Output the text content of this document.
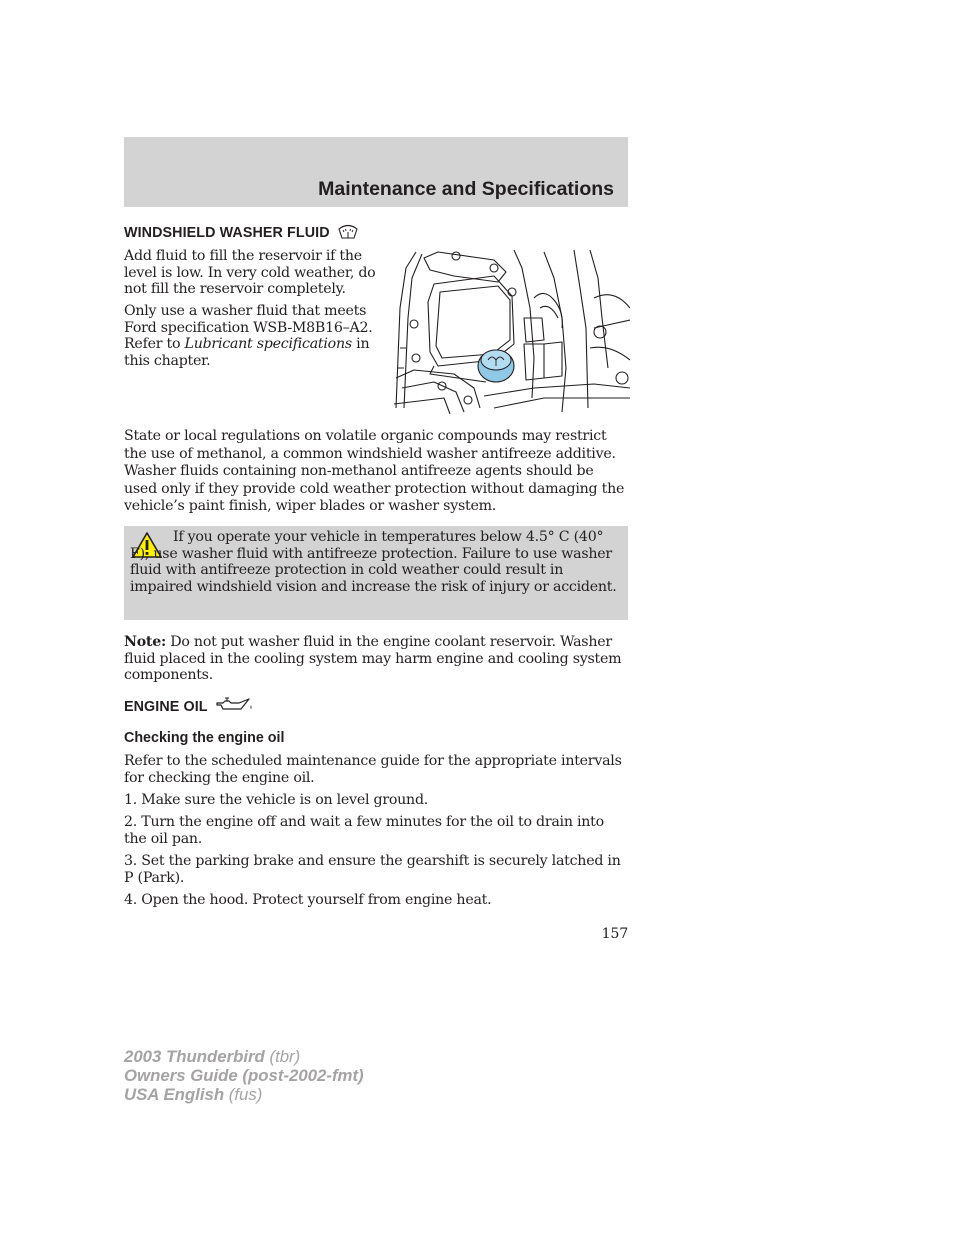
Maintenance and Specifications
WINDSHIELD WASHER FLUID

Add fluid to fill the reservoir if the level is low. In very cold weather, do not fill the reservoir completely.

Only use a washer fluid that meets Ford specification WSB-M8B16–A2. Refer to Lubricant specifications in this chapter.

State or local regulations on volatile organic compounds may restrict the use of methanol, a common windshield washer antifreeze additive. Washer fluids containing non-methanol antifreeze agents should be used only if they provide cold weather protection without damaging the vehicle’s paint finish, wiper blades or washer system.

If you operate your vehicle in temperatures below 4.5° C (40° F), use washer fluid with antifreeze protection. Failure to use washer fluid with antifreeze protection in cold weather could result in impaired windshield vision and increase the risk of injury or accident.

Note: Do not put washer fluid in the engine coolant reservoir. Washer fluid placed in the cooling system may harm engine and cooling system components.

ENGINE OIL
Checking the engine oil

Refer to the scheduled maintenance guide for the appropriate intervals for checking the engine oil.

1. Make sure the vehicle is on level ground.

2. Turn the engine off and wait a few minutes for the oil to drain into the oil pan.

3. Set the parking brake and ensure the gearshift is securely latched in P (Park).

4. Open the hood. Protect yourself from engine heat.

157
2003 Thunderbird (tbr)
Owners Guide (post-2002-fmt)
USA English (fus)
